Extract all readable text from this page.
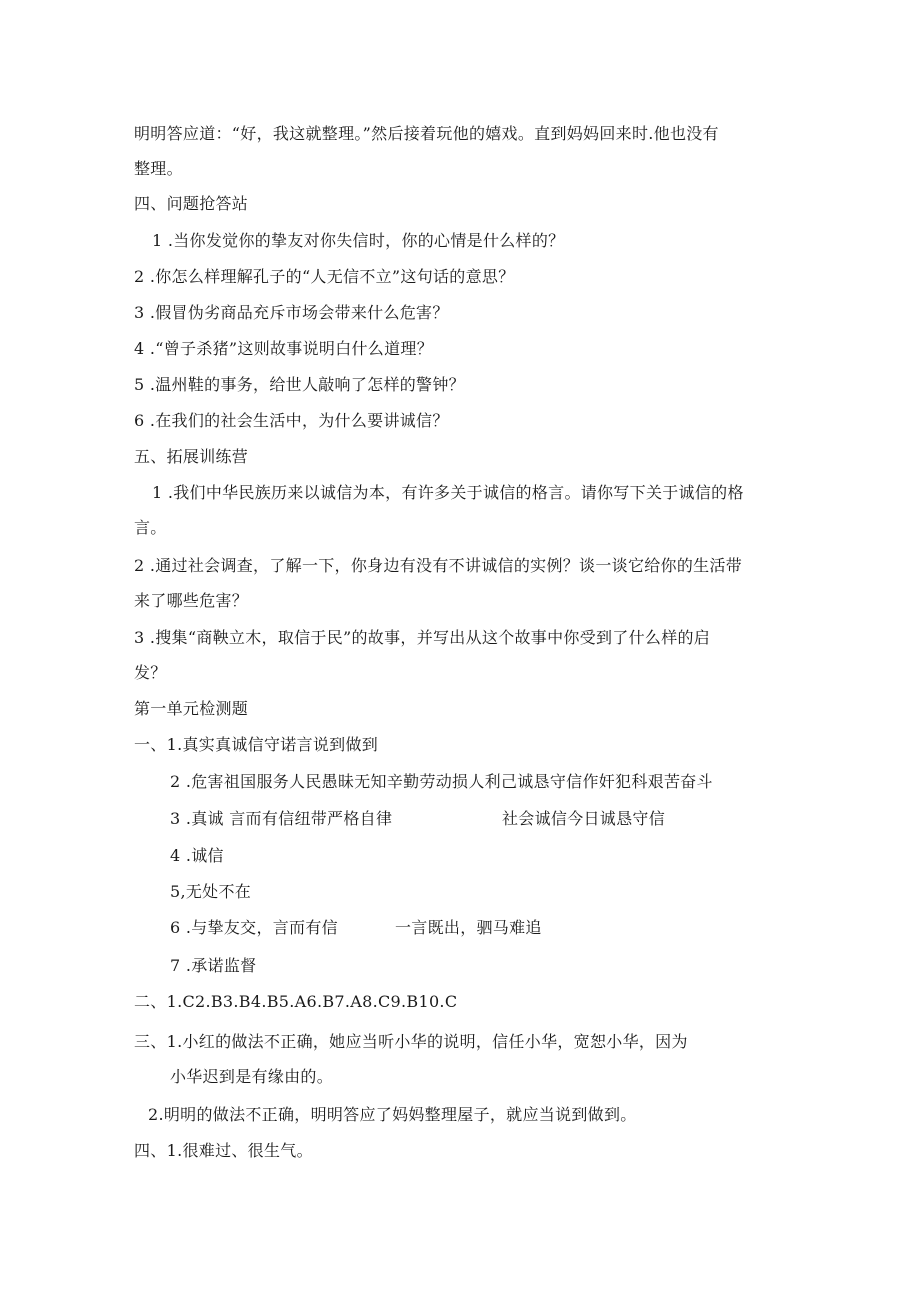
明明答应道：“好，我这就整理。”然后接着玩他的嬉戏。直到妈妈回来时.他也没有
整理。
四、问题抢答站
1 .当你发觉你的挚友对你失信时，你的心情是什么样的？
2 .你怎么样理解孔子的“人无信不立”这句话的意思？
3 .假冒伪劣商品充斥市场会带来什么危害？
4 .“曾子杀猪”这则故事说明白什么道理？
5 .温州鞋的事务，给世人敲响了怎样的警钟？
6 .在我们的社会生活中，为什么要讲诚信？
五、拓展训练营
1 .我们中华民族历来以诚信为本，有许多关于诚信的格言。请你写下关于诚信的格
言。
2 .通过社会调查，了解一下，你身边有没有不讲诚信的实例？谈一谈它给你的生活带
来了哪些危害？
3 .搜集“商鞅立木，取信于民”的故事，并写出从这个故事中你受到了什么样的启
发？
第一单元检测题
一、1.真实真诚信守诺言说到做到
2 .危害祖国服务人民愚昧无知辛勤劳动损人利己诚恳守信作奸犯科艰苦奋斗
3 .真诚 言而有信纽带严格自律	社会诚信今日诚恳守信
4 .诚信
5,无处不在
6 .与挚友交，言而有信	一言既出，驷马难追
7 .承诺监督
二、1.C2.B3.B4.B5.A6.B7.A8.C9.B10.C
三、1.小红的做法不正确，她应当听小华的说明，信任小华，宽恕小华，因为
小华迟到是有缘由的。
2.明明的做法不正确，明明答应了妈妈整理屋子，就应当说到做到。
四、1.很难过、很生气。
